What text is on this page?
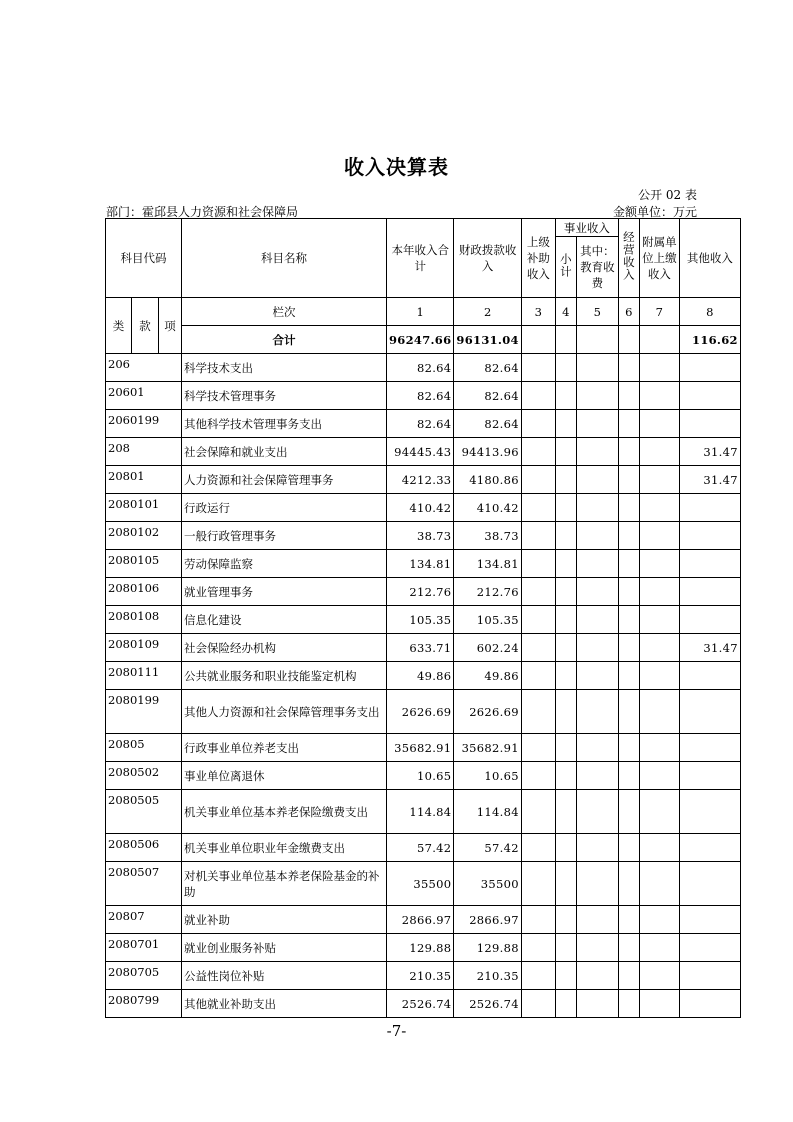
收入决算表
公开 02 表
部门：霍邱县人力资源和社会保障局	金额单位：万元
科目代码			科目名称	本年收入合计	财政拨款收入	上级补助收入	事业收入		经营收入	附属单位上缴收入	其他收入
							小计	其中：教育收费			

类	款	项	栏次	1	2	3	4	5	6	7	8
			合计	96247.66	96131.04						116.62
206			科学技术支出	82.64	82.64						
20601			科学技术管理事务	82.64	82.64						
2060199			其他科学技术管理事务支出	82.64	82.64						
208			社会保障和就业支出	94445.43	94413.96						31.47
20801			人力资源和社会保障管理事务	4212.33	4180.86						31.47
2080101			行政运行	410.42	410.42						
2080102			一般行政管理事务	38.73	38.73						
2080105			劳动保障监察	134.81	134.81						
2080106			就业管理事务	212.76	212.76						
2080108			信息化建设	105.35	105.35						
2080109			社会保险经办机构	633.71	602.24						31.47
2080111			公共就业服务和职业技能鉴定机构	49.86	49.86						
2080199			其他人力资源和社会保障管理事务支出	2626.69	2626.69						
20805			行政事业单位养老支出	35682.91	35682.91						
2080502			事业单位离退休	10.65	10.65						
2080505			机关事业单位基本养老保险缴费支出	114.84	114.84						
2080506			机关事业单位职业年金缴费支出	57.42	57.42						
2080507			对机关事业单位基本养老保险基金的补助	35500	35500						
20807			就业补助	2866.97	2866.97						
2080701			就业创业服务补贴	129.88	129.88						
2080705			公益性岗位补贴	210.35	210.35						
2080799			其他就业补助支出	2526.74	2526.74						
-7-
